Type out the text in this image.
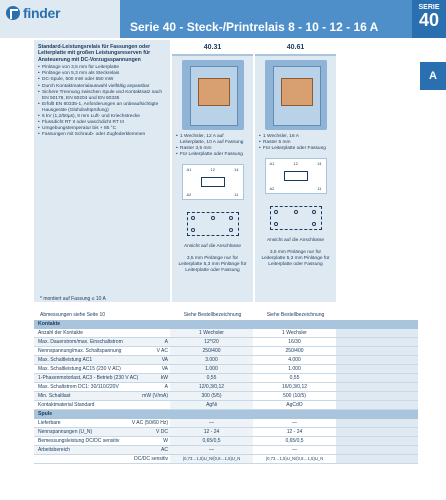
finder
Serie 40 - Steck-/Printrelais 8 - 10 - 12 - 16 A
SERIE
40
A
Standard-Leistungsrelais für Fassungen oder Leiterplatte mit großen Leistungsreserven für Ansteuerung mit DC-Vorzugsspannungen
• Pinlänge von 3,5 mm für Leiterplatte
• Pinlänge von 5,3 mm als Steckrelais
• DC-Spule, 500 mW oder 650 mW
• Durch Kontaktmaterialauswahl vielfältig anpassbar
• Sichere Trennung zwischen Spule und Kontaktsatz nach EN 50178, EN 60204 und EN 60335
• Erfüllt EN 60335-1, Anforderungen an unbeaufsichtigte Hausgeräte (Glühdrahtprüfung)
• 6 kV (1,2/50µs), 8 mm Luft- und Kriechstrecke
• Flussdicht RT II oder waschdicht RT III
• Umgebungstemperatur bis + 85 °C
• Fassungen mit Schraub- oder Zugfederklemmen
40.31
• 1 Wechsler, 12 A auf Leiterplatte, 10 A auf Fassung
• Raster 3,5 mm
• Für Leiterplatte oder Fassung
A1	12	14
A2	11
Ansicht auf die Anschlüsse
3,5 mm Pinlänge nur für Leiterplatte 5,3 mm Pinlänge für Leiterplatte oder Fassung
40.61
• 1 Wechsler, 16 A
• Raster 5 mm
• Für Leiterplatte oder Fassung
A1	12	14
A2	11
Ansicht auf die Anschlüsse
3,5 mm Pinlänge nur für Leiterplatte 5,3 mm Pinlänge für Leiterplatte oder Fassung
* montiert auf Fassung ≤ 10 A
Abmessungen siehe Seite 10	Siehe Bestellbezeichnung	Siehe Bestellbezeichnung
Kontakte
Anzahl der Kontakte	1 Wechsler	1 Wechsler
Max. Dauerstrom/max. Einschaltstrom	A	12*/20	16/30
Nennspannung/max. Schaltspannung	V AC	250/400	250/400
Max. Schaltleistung AC1	VA	3.000	4.000
Max. Schaltleistung AC15 (230 V AC)	VA	1.000	1.000
1-Phasenmotorlast, AC3 - Betrieb (230 V AC)	kW	0,55	0,55
Max. Schaltstrom DC1: 30/110/220V	A	12/0,3/0,12	16/0,3/0,12
Min. Schaltlast	mW (V/mA)	300 (5/5)	500 (10/5)
Kontaktmaterial Standard	AgNi	AgCdO
Spule
Lieferbare	V AC (50/60 Hz)	—	—
Nennspannungen (U_N)	V DC	12 - 24	12 - 24
Bemessungsleistung DC/DC sensitiv	W	0,65/0,5	0,65/0,5
Arbeitsbereich	AC	—	—
DC/DC sensitiv	(0,73…1,5)U_N/(0,8…1,5)U_N	(0,73…1,5)U_N/(0,8…1,5)U_N
